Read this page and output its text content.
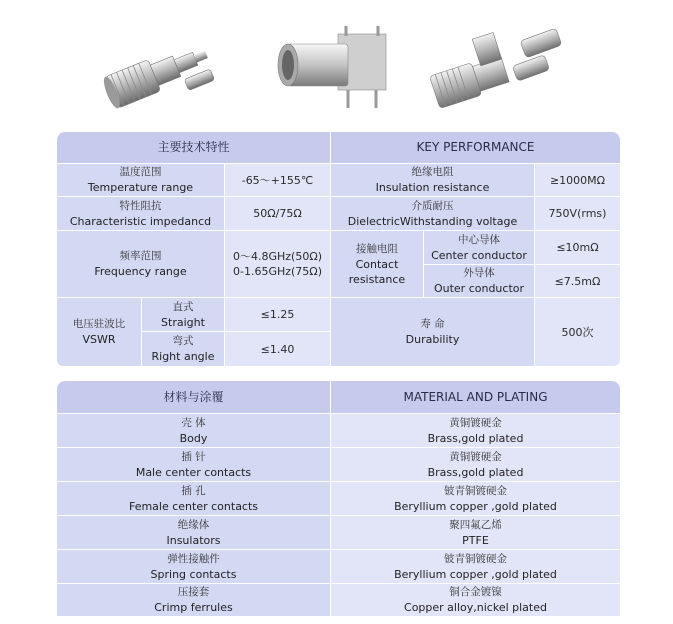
主要技术特性	KEY PERFORMANCE
温度范围
Temperature range
-65～+155℃
特性阻抗
Characteristic impedancd
50Ω/75Ω
频率范围
Frequency range
0～4.8GHz(50Ω)
0-1.65GHz(75Ω)
电压驻波比
VSWR
直式
Straight
≤1.25
弯式
Right angle
≤1.40
绝缘电阻
Insulation resistance
≥1000MΩ
介质耐压
DielectricWithstanding voltage
750V(rms)
接触电阻
Contact
resistance
中心导体
Center conductor
≤10mΩ
外导体
Outer conductor
≤7.5mΩ
寿 命
Durability
500次
材料与涂覆	MATERIAL AND PLATING
壳 体
Body
黄铜镀硬金
Brass,gold plated
插 针
Male center contacts
黄铜镀硬金
Brass,gold plated
插 孔
Female center contacts
铍青铜镀硬金
Beryllium copper ,gold plated
绝缘体
Insulators
聚四氟乙烯
PTFE
弹性接触件
Spring contacts
铍青铜镀硬金
Beryllium copper ,gold plated
压接套
Crimp ferrules
铜合金镀镍
Copper alloy,nickel plated
